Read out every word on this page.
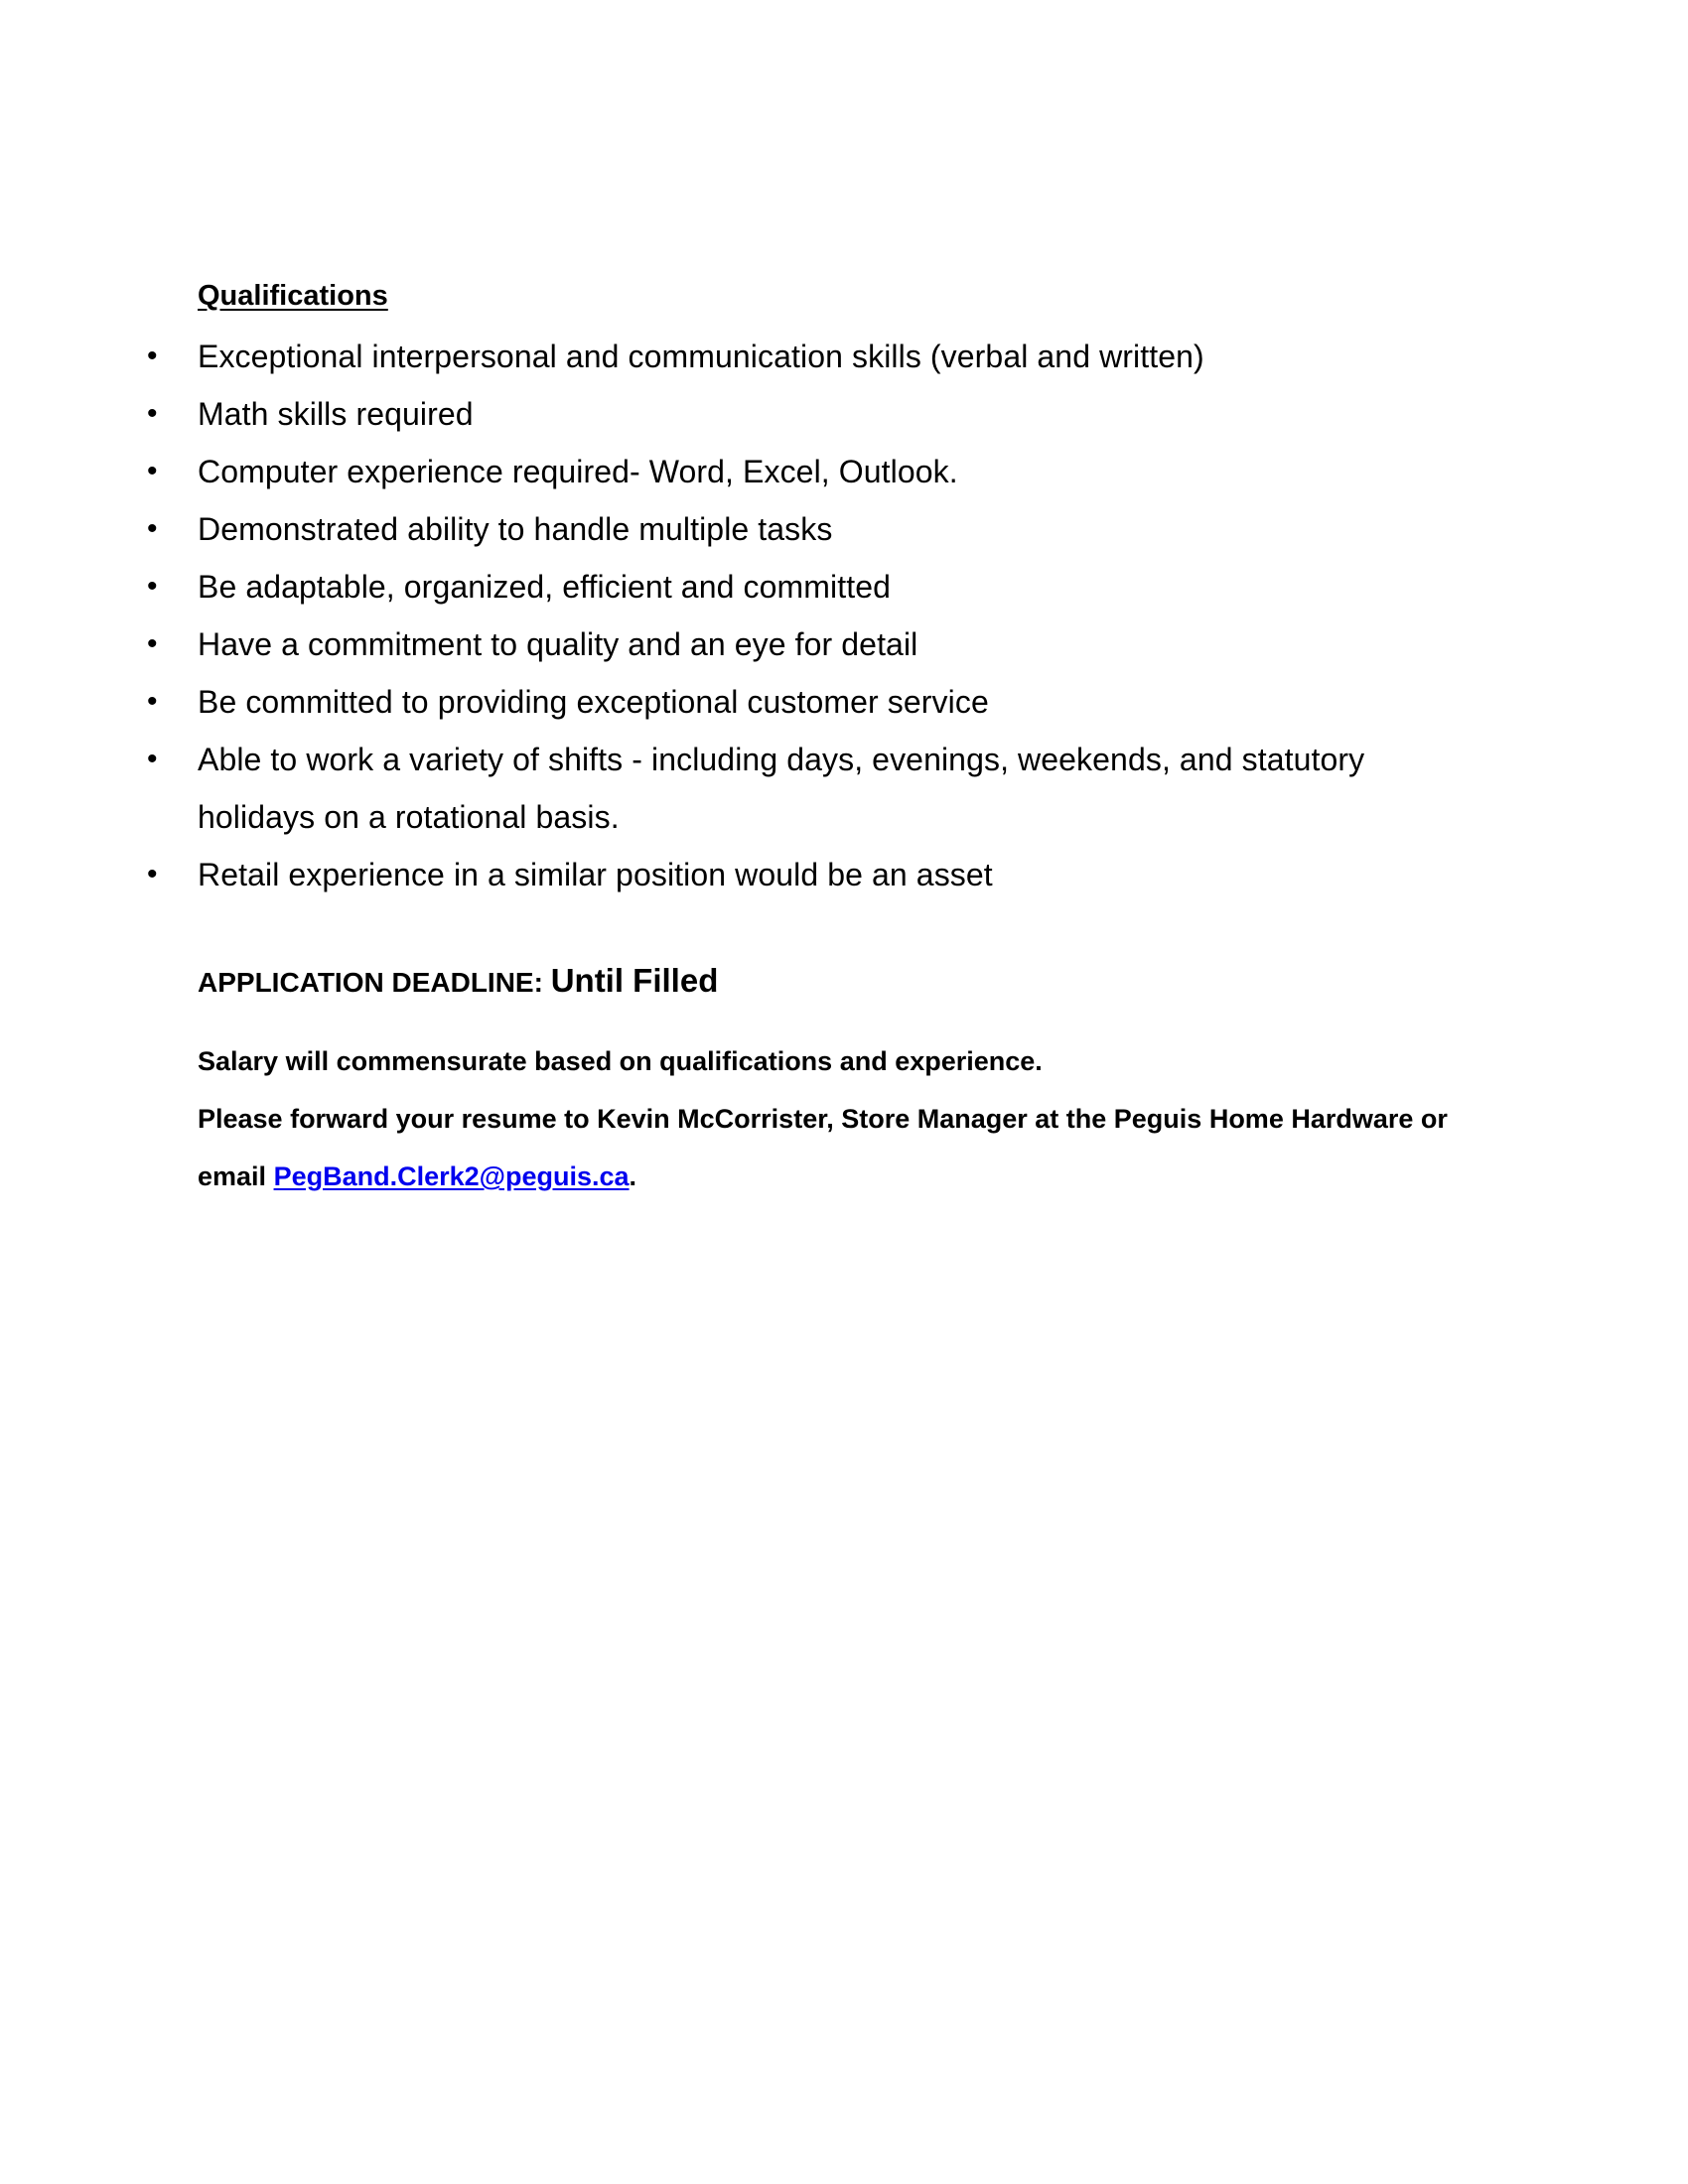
Qualifications
• Exceptional interpersonal and communication skills (verbal and written)
• Math skills required
• Computer experience required- Word, Excel, Outlook.
• Demonstrated ability to handle multiple tasks
• Be adaptable, organized, efficient and committed
• Have a commitment to quality and an eye for detail
• Be committed to providing exceptional customer service
• Able to work a variety of shifts - including days, evenings, weekends, and statutory holidays on a rotational basis.
• Retail experience in a similar position would be an asset

APPLICATION DEADLINE: Until Filled

Salary will commensurate based on qualifications and experience.

Please forward your resume to Kevin McCorrister, Store Manager at the Peguis Home Hardware or email PegBand.Clerk2@peguis.ca.
